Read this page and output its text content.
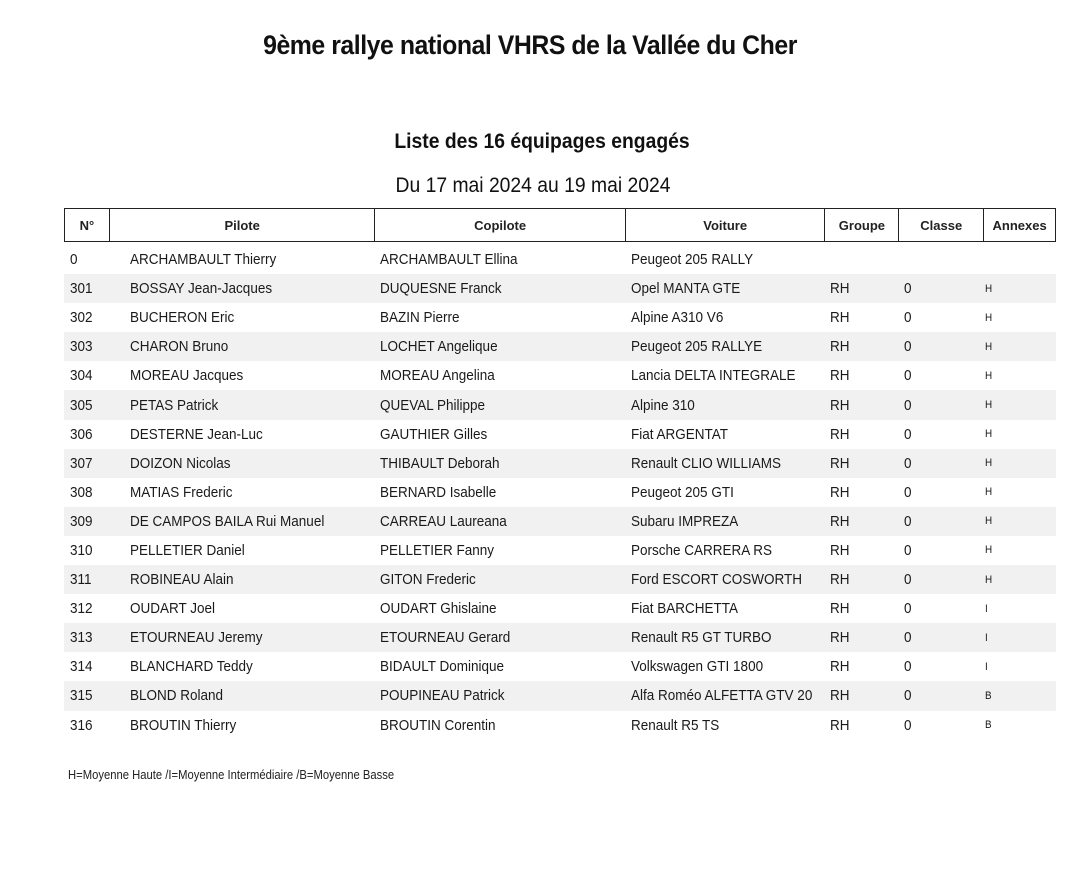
9ème rallye national VHRS de la Vallée du Cher
Liste des 16 équipages engagés
Du 17 mai 2024 au 19 mai 2024
N°	Pilote	Copilote	Voiture	Groupe	Classe	Annexes
0	ARCHAMBAULT Thierry	ARCHAMBAULT Ellina	Peugeot 205 RALLY
301	BOSSAY Jean-Jacques	DUQUESNE Franck	Opel MANTA GTE	RH	0	H
302	BUCHERON Eric	BAZIN Pierre	Alpine A310 V6	RH	0	H
303	CHARON Bruno	LOCHET Angelique	Peugeot 205 RALLYE	RH	0	H
304	MOREAU Jacques	MOREAU Angelina	Lancia DELTA INTEGRALE	RH	0	H
305	PETAS Patrick	QUEVAL Philippe	Alpine 310	RH	0	H
306	DESTERNE Jean-Luc	GAUTHIER Gilles	Fiat ARGENTAT	RH	0	H
307	DOIZON Nicolas	THIBAULT Deborah	Renault CLIO WILLIAMS	RH	0	H
308	MATIAS Frederic	BERNARD Isabelle	Peugeot 205 GTI	RH	0	H
309	DE CAMPOS BAILA Rui Manuel	CARREAU Laureana	Subaru IMPREZA	RH	0	H
310	PELLETIER Daniel	PELLETIER Fanny	Porsche CARRERA RS	RH	0	H
311	ROBINEAU Alain	GITON Frederic	Ford ESCORT COSWORTH	RH	0	H
312	OUDART Joel	OUDART Ghislaine	Fiat BARCHETTA	RH	0	I
313	ETOURNEAU Jeremy	ETOURNEAU Gerard	Renault R5 GT TURBO	RH	0	I
314	BLANCHARD Teddy	BIDAULT Dominique	Volkswagen GTI 1800	RH	0	I
315	BLOND Roland	POUPINEAU Patrick	Alfa Roméo ALFETTA GTV 20	RH	0	B
316	BROUTIN Thierry	BROUTIN Corentin	Renault R5 TS	RH	0	B
H=Moyenne Haute /I=Moyenne Intermédiaire /B=Moyenne Basse
